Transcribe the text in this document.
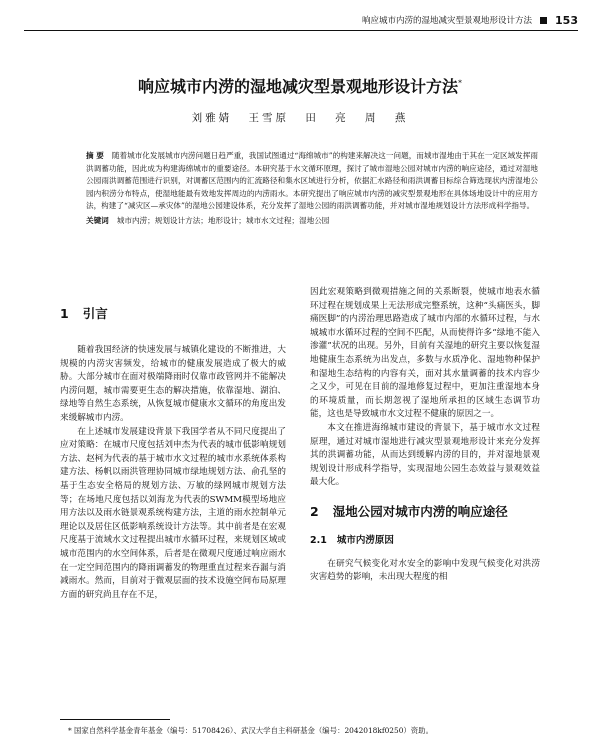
响应城市内涝的湿地减灾型景观地形设计方法 153
响应城市内涝的湿地减灾型景观地形设计方法*
刘雅婧 王雪原 田 亮 周 燕
摘 要 随着城市化发展城市内涝问题日趋严重，我国试图通过“海绵城市”的构建来解决这一问题，而城市湿地由于其在一定区域发挥雨洪调蓄功能，因此成为构建海绵城市的重要途径。本研究基于水文循环原理，探讨了城市湿地公园对城市内涝的响应途径，通过对湿地公园雨洪调蓄范围进行识别，对调蓄区范围内的汇流路径和集水区域进行分析，依据汇水路径和雨洪调蓄目标综合筛选现状内涝湿地公园内积涝分布特点，使湿地能最有效地发挥周边的内涝雨水。本研究提出了响应城市内涝的减灾型景观地形在具体场地设计中的应用方法，构建了“减灾区—承灾体”的湿地公园建设体系，充分发挥了湿地公园的雨洪调蓄功能，并对城市湿地规划设计方法形成科学指导。
关键词 城市内涝；规划设计方法；地形设计；城市水文过程；湿地公园
1 引言

随着我国经济的快速发展与城镇化建设的不断推进，大规模的内涝灾害频发，给城市的健康发展造成了极大的威胁。大部分城市在面对极端降雨时仅靠市政管网并不能解决内涝问题，城市需要更生态的解决措施，依靠湿地、湖泊、绿地等自然生态系统，从恢复城市健康水文循环的角度出发来缓解城市内涝。

在上述城市发展建设背景下我国学者从不同尺度提出了应对策略：在城市尺度包括刘申杰为代表的城市低影响规划方法、赵柯为代表的基于城市水文过程的城市水系统体系构建方法、杨帆以雨洪管理协同城市绿地规划方法、俞孔坚的基于生态安全格局的规划方法、万敏的绿网城市规划方法等；在场地尺度包括以刘海龙为代表的SWMM模型场地应用方法以及雨水链景观系统构建方法，主道的雨水控制单元理论以及居住区低影响系统设计方法等。其中前者是在宏观尺度基于流域水文过程提出城市水循环过程，来规划区域或城市范围内的水空间体系，后者是在微观尺度通过响应雨水在一定空间范围内的降雨调蓄发的物理重直过程来吞漏与消减雨水。然而，目前对于微观层面的技术设施空间布局原理方面的研究尚且存在不足，

因此宏观策略到微观措施之间的关系断裂，使城市地表水循环过程在规划成果上无法形成完整系统，这种“头痛医头，脚痛医脚”的内涝治理思路造成了城市内部的水循环过程，与水城城市水循环过程的空间不匹配，从而使得许多“绿地不能入渗灌”状况的出现。另外，目前有关湿地的研究主要以恢复湿地健康生态系统为出发点，多数与水质净化、湿地物种保护和湿地生态结构的内容有关，面对其水量调蓄的技术内容少之又少，可见在目前的湿地修复过程中，更加注重湿地本身的环境质量，而长期忽视了湿地所承担的区域生态调节功能，这也是导致城市水文过程不健康的原因之一。

本文在推进海绵城市建设的背景下，基于城市水文过程原理，通过对城市湿地进行减灾型景观地形设计来充分发挥其的洪调蓄功能，从而达到缓解内涝的目的，并对湿地景观规划设计形成科学指导，实现湿地公园生态效益与景观效益最大化。

2 湿地公园对城市内涝的响应途径
2.1 城市内涝原因

在研究气候变化对水安全的影响中发现气候变化对洪涝灾害趋势的影响，未出现大程度的相

* 国家自然科学基金青年基金（编号：51708426）、武汉大学自主科研基金（编号：2042018kf0250）资助。
